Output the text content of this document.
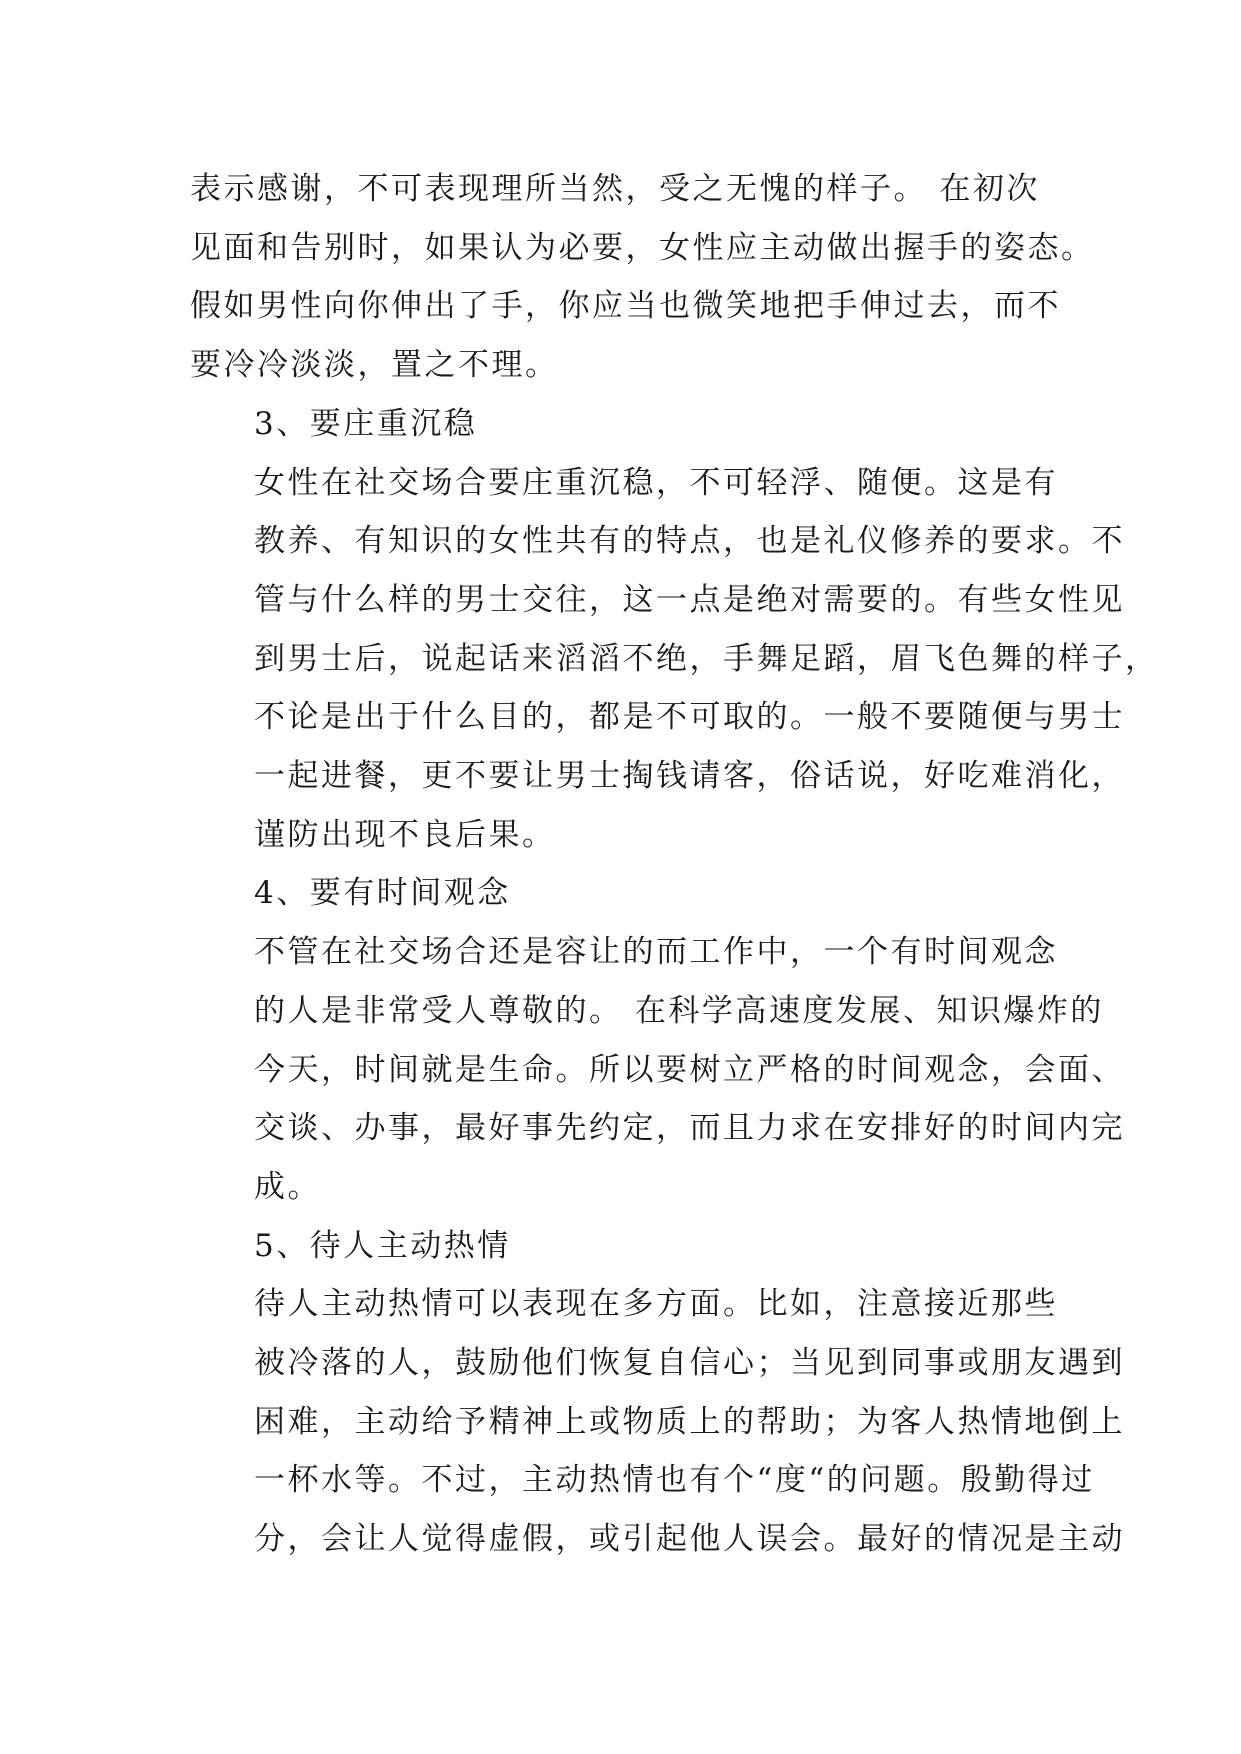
表示感谢，不可表现理所当然，受之无愧的样子。 在初次
见面和告别时，如果认为必要，女性应主动做出握手的姿态。
假如男性向你伸出了手，你应当也微笑地把手伸过去，而不
要冷冷淡淡，置之不理。

3、要庄重沉稳

女性在社交场合要庄重沉稳，不可轻浮、随便。这是有
教养、有知识的女性共有的特点，也是礼仪修养的要求。不
管与什么样的男士交往，这一点是绝对需要的。有些女性见
到男士后，说起话来滔滔不绝，手舞足蹈，眉飞色舞的样子，
不论是出于什么目的，都是不可取的。一般不要随便与男士
一起进餐，更不要让男士掏钱请客，俗话说，好吃难消化，
谨防出现不良后果。

4、要有时间观念

不管在社交场合还是容让的而工作中，一个有时间观念
的人是非常受人尊敬的。 在科学高速度发展、知识爆炸的
今天，时间就是生命。所以要树立严格的时间观念，会面、
交谈、办事，最好事先约定，而且力求在安排好的时间内完
成。

5、待人主动热情

待人主动热情可以表现在多方面。比如，注意接近那些
被冷落的人，鼓励他们恢复自信心；当见到同事或朋友遇到
困难，主动给予精神上或物质上的帮助；为客人热情地倒上
一杯水等。不过，主动热情也有个“度“的问题。殷勤得过
分，会让人觉得虚假，或引起他人误会。最好的情况是主动
